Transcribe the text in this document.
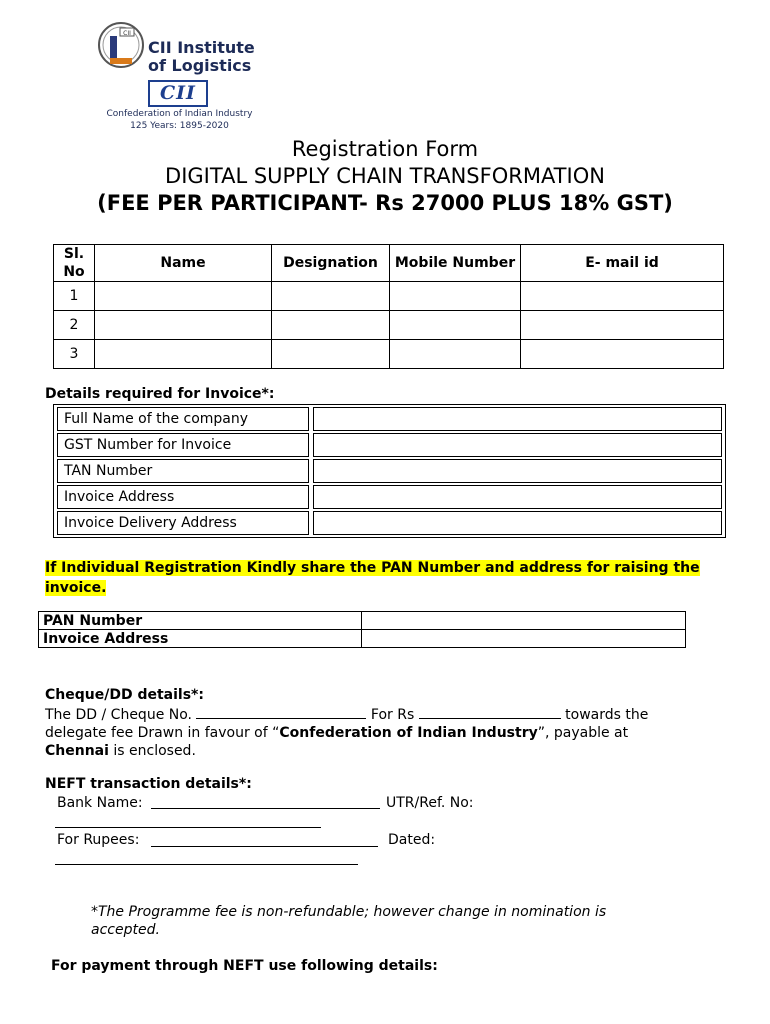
CII
CII Institute
of Logistics
CII
Confederation of Indian Industry
125 Years: 1895-2020
Registration Form
DIGITAL SUPPLY CHAIN TRANSFORMATION
(FEE PER PARTICIPANT- Rs 27000 PLUS 18% GST)
Sl. No	Name	Designation	Mobile Number	E- mail id
1				
2				
3				
Details required for Invoice*:
Full Name of the company
GST Number for Invoice
TAN Number
Invoice Address
Invoice Delivery Address
If Individual Registration Kindly share the PAN Number and address for raising the invoice.
PAN Number	
Invoice Address	
Cheque/DD details*:
The DD / Cheque No.	For Rs	towards the
delegate fee Drawn in favour of “Confederation of Indian Industry”, payable at
Chennai is enclosed.
NEFT transaction details*:
Bank Name:	UTR/Ref. No:
For Rupees:	Dated:
*The Programme fee is non-refundable; however change in nomination is accepted.
For payment through NEFT use following details:
